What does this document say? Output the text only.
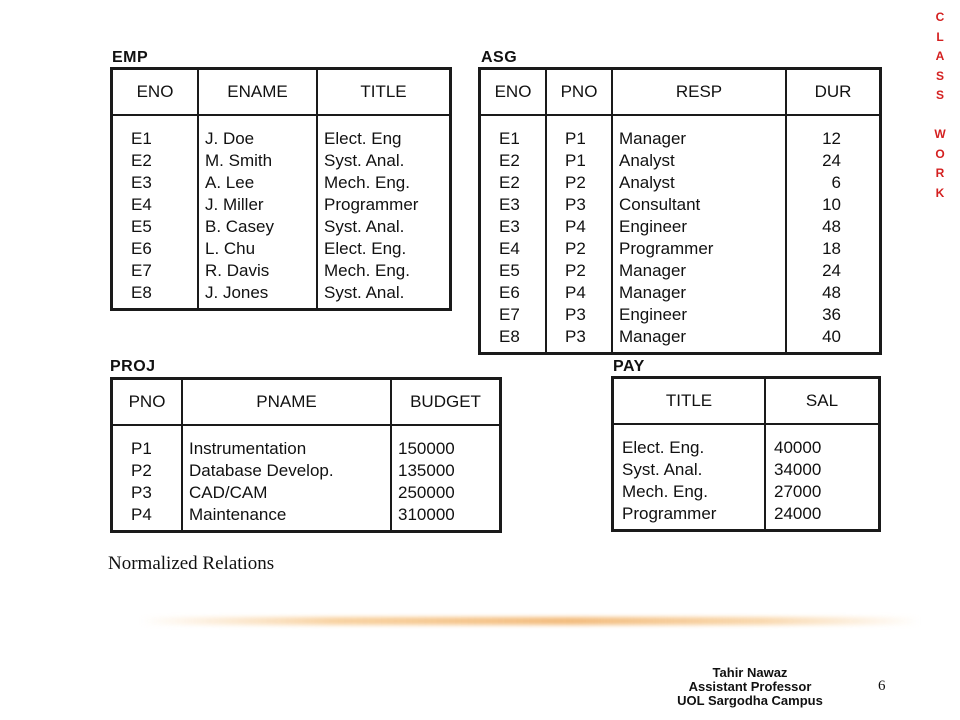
C
L
A
S
S

W
O
R
K
EMP
ENO	ENAME	TITLE
E1	J. Doe	Elect. Eng
E2	M. Smith	Syst. Anal.
E3	A. Lee	Mech. Eng.
E4	J. Miller	Programmer
E5	B. Casey	Syst. Anal.
E6	L. Chu	Elect. Eng.
E7	R. Davis	Mech. Eng.
E8	J. Jones	Syst. Anal.
ASG
ENO	PNO	RESP	DUR
E1	P1	Manager	12
E2	P1	Analyst	24
E2	P2	Analyst	6
E3	P3	Consultant	10
E3	P4	Engineer	48
E4	P2	Programmer	18
E5	P2	Manager	24
E6	P4	Manager	48
E7	P3	Engineer	36
E8	P3	Manager	40
PROJ
PNO	PNAME	BUDGET
P1	Instrumentation	150000
P2	Database Develop.	135000
P3	CAD/CAM	250000
P4	Maintenance	310000
PAY
TITLE	SAL
Elect. Eng.	40000
Syst. Anal.	34000
Mech. Eng.	27000
Programmer	24000
Normalized Relations
Tahir Nawaz
Assistant Professor
UOL Sargodha Campus
6
